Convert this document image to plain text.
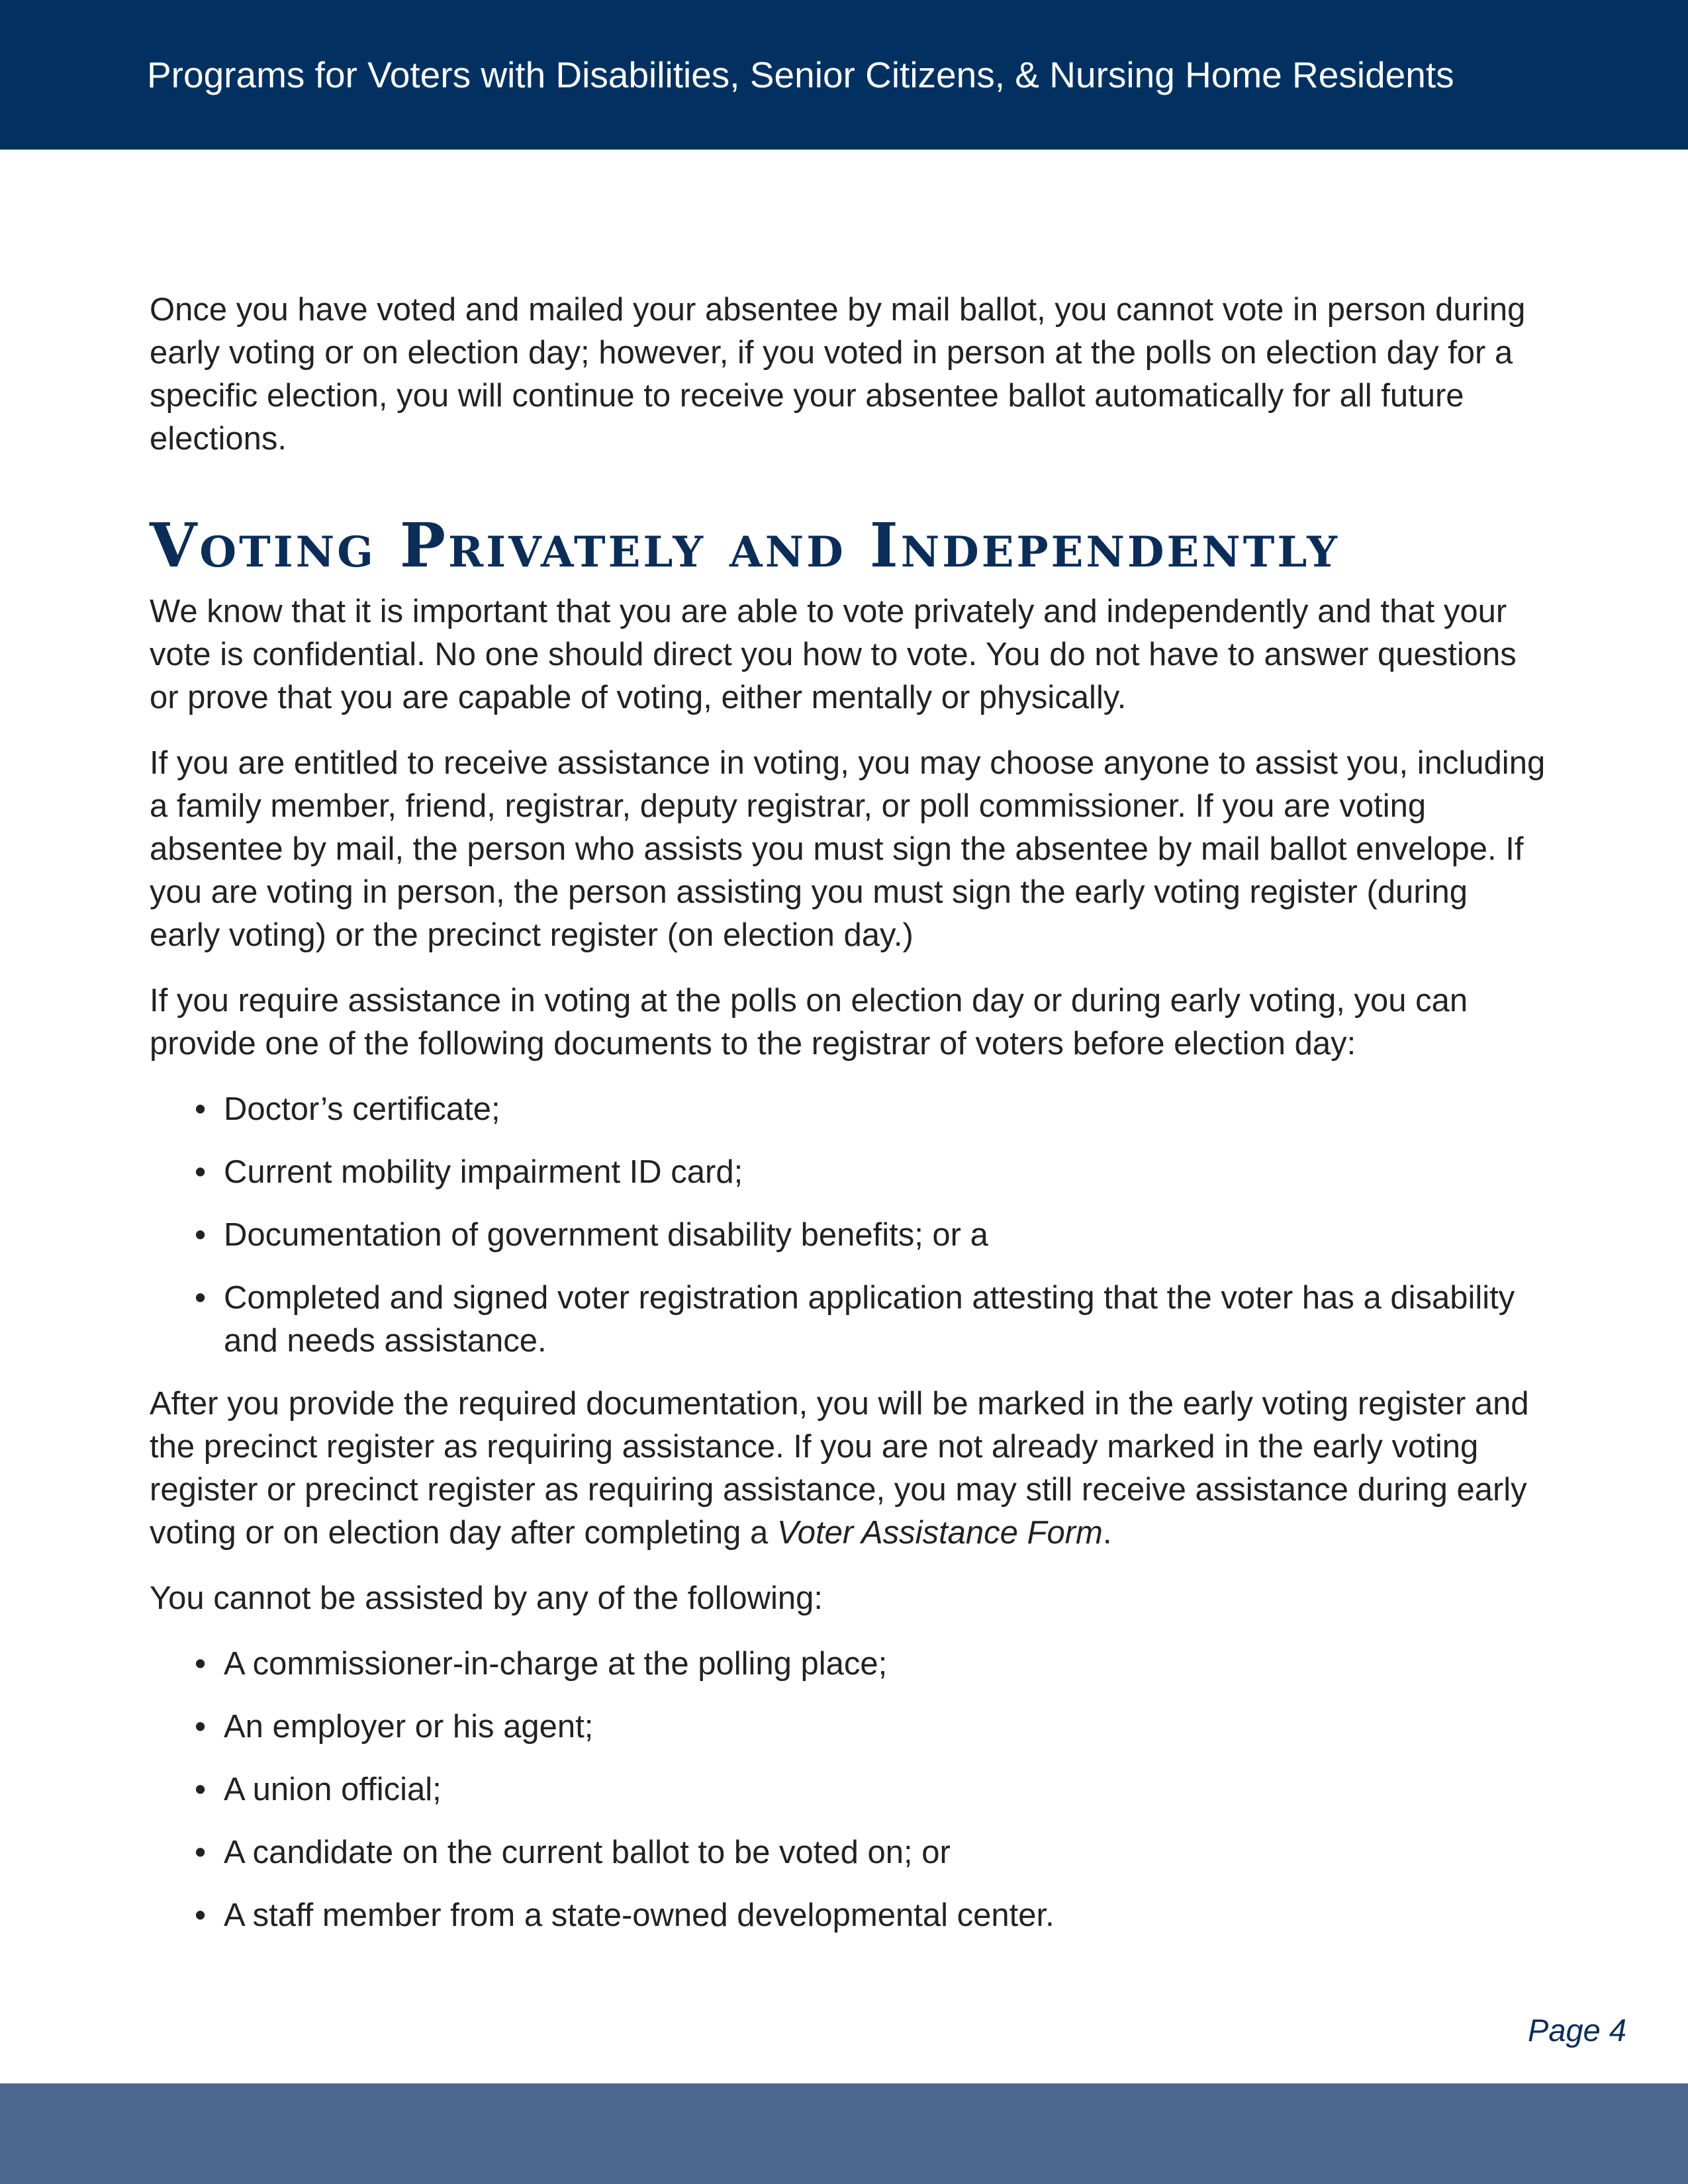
Programs for Voters with Disabilities, Senior Citizens, & Nursing Home Residents

Once you have voted and mailed your absentee by mail ballot, you cannot vote in person during early voting or on election day; however, if you voted in person at the polls on election day for a specific election, you will continue to receive your absentee ballot automatically for all future elections.

Voting Privately and Independently

We know that it is important that you are able to vote privately and independently and that your vote is confidential. No one should direct you how to vote. You do not have to answer questions or prove that you are capable of voting, either mentally or physically.

If you are entitled to receive assistance in voting, you may choose anyone to assist you, including a family member, friend, registrar, deputy registrar, or poll commissioner. If you are voting absentee by mail, the person who assists you must sign the absentee by mail ballot envelope. If you are voting in person, the person assisting you must sign the early voting register (during early voting) or the precinct register (on election day.)

If you require assistance in voting at the polls on election day or during early voting, you can provide one of the following documents to the registrar of voters before election day:

• Doctor’s certificate;
• Current mobility impairment ID card;
• Documentation of government disability benefits; or a
• Completed and signed voter registration application attesting that the voter has a disability and needs assistance.

After you provide the required documentation, you will be marked in the early voting register and the precinct register as requiring assistance. If you are not already marked in the early voting register or precinct register as requiring assistance, you may still receive assistance during early voting or on election day after completing a Voter Assistance Form.

You cannot be assisted by any of the following:

• A commissioner-in-charge at the polling place;
• An employer or his agent;
• A union official;
• A candidate on the current ballot to be voted on; or
• A staff member from a state-owned developmental center.
Page 4
